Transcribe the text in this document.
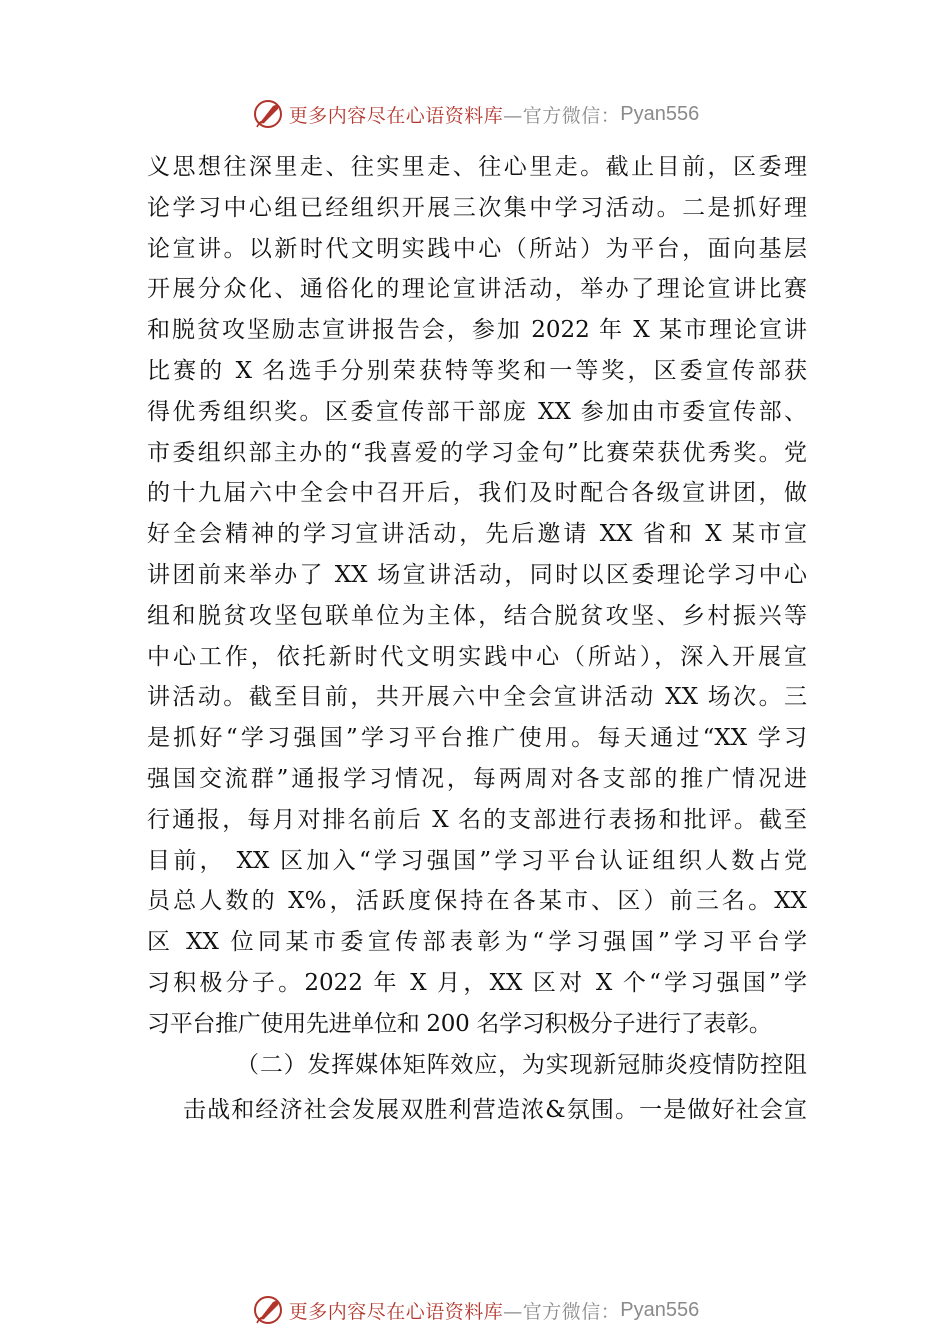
更多内容尽在心语资料库 —官方微信： Pyan556
义思想往深里走、往实里走、往心里走。截止目前，区委理
论学习中心组已经组织开展三次集中学习活动。二是抓好理
论宣讲。以新时代文明实践中心（所站）为平台，面向基层
开展分众化、通俗化的理论宣讲活动，举办了理论宣讲比赛
和脱贫攻坚励志宣讲报告会，参加 2022 年 X 某市理论宣讲
比赛的 X 名选手分别荣获特等奖和一等奖，区委宣传部获
得优秀组织奖。区委宣传部干部庞 XX 参加由市委宣传部、
市委组织部主办的“我喜爱的学习金句”比赛荣获优秀奖。党
的十九届六中全会中召开后，我们及时配合各级宣讲团，做
好全会精神的学习宣讲活动，先后邀请 XX 省和 X 某市宣
讲团前来举办了 XX 场宣讲活动，同时以区委理论学习中心
组和脱贫攻坚包联单位为主体，结合脱贫攻坚、乡村振兴等
中心工作，依托新时代文明实践中心（所站），深入开展宣
讲活动。截至目前，共开展六中全会宣讲活动 XX 场次。三
是抓好“学习强国”学习平台推广使用。每天通过“XX 学习
强国交流群”通报学习情况，每两周对各支部的推广情况进
行通报，每月对排名前后 X 名的支部进行表扬和批评。截至
目前， XX 区加入“学习强国”学习平台认证组织人数占党
员总人数的 X%，活跃度保持在各某市、区）前三名。XX
区 XX 位同某市委宣传部表彰为“学习强国”学习平台学
习积极分子。2022 年 X 月，XX 区对 X 个“学习强国”学
习平台推广使用先进单位和 200 名学习积极分子进行了表彰。
（二）发挥媒体矩阵效应，为实现新冠肺炎疫情防控阻
击战和经济社会发展双胜利营造浓&氛围。一是做好社会宣
更多内容尽在心语资料库 —官方微信： Pyan556
